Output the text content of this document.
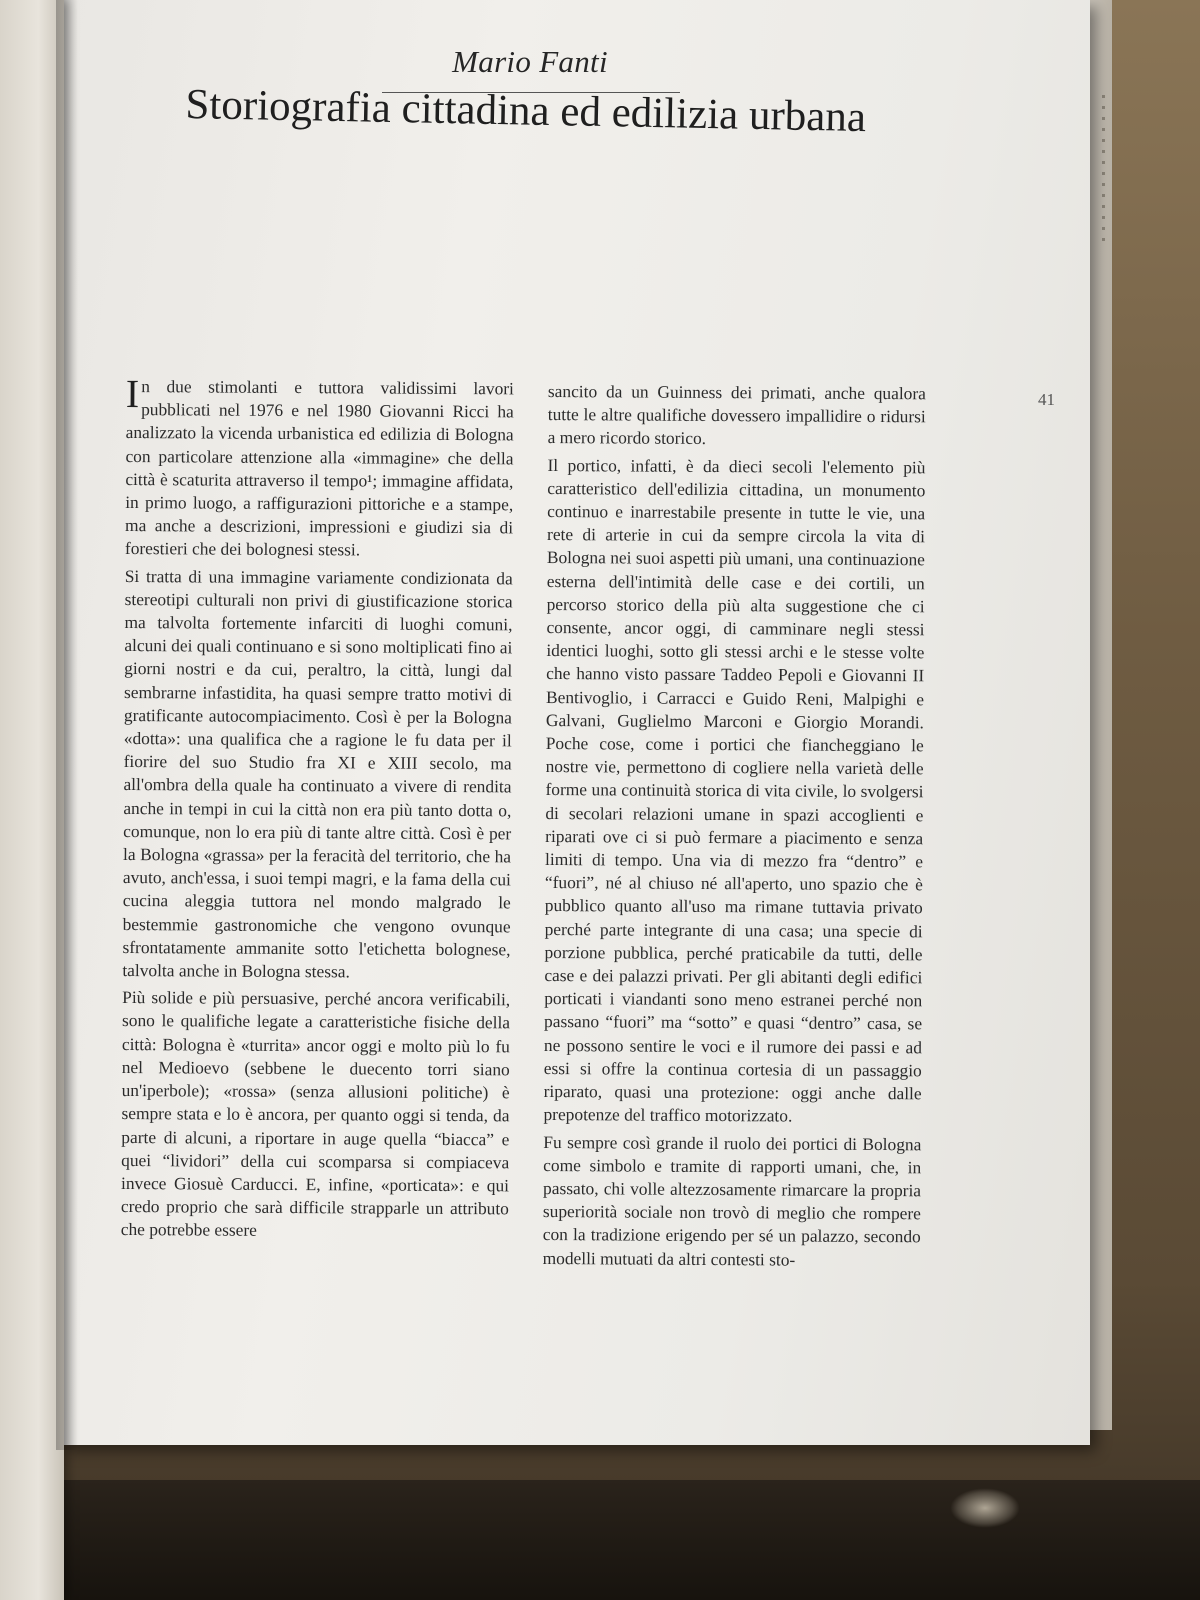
Mario Fanti
Storiografia cittadina ed edilizia urbana
41

In due stimolanti e tuttora validissimi lavori pubblicati nel 1976 e nel 1980 Giovanni Ricci ha analizzato la vicenda urbanistica ed edilizia di Bologna con particolare attenzione alla «immagine» che della città è scaturita attraverso il tempo¹; immagine affidata, in primo luogo, a raffigurazioni pittoriche e a stampe, ma anche a descrizioni, impressioni e giudizi sia di forestieri che dei bolognesi stessi.

Si tratta di una immagine variamente condizionata da stereotipi culturali non privi di giustificazione storica ma talvolta fortemente infarciti di luoghi comuni, alcuni dei quali continuano e si sono moltiplicati fino ai giorni nostri e da cui, peraltro, la città, lungi dal sembrarne infastidita, ha quasi sempre tratto motivi di gratificante autocompiacimento. Così è per la Bologna «dotta»: una qualifica che a ragione le fu data per il fiorire del suo Studio fra XI e XIII secolo, ma all'ombra della quale ha continuato a vivere di rendita anche in tempi in cui la città non era più tanto dotta o, comunque, non lo era più di tante altre città. Così è per la Bologna «grassa» per la feracità del territorio, che ha avuto, anch'essa, i suoi tempi magri, e la fama della cui cucina aleggia tuttora nel mondo malgrado le bestemmie gastronomiche che vengono ovunque sfrontatamente ammanite sotto l'etichetta bolognese, talvolta anche in Bologna stessa.

Più solide e più persuasive, perché ancora verificabili, sono le qualifiche legate a caratteristiche fisiche della città: Bologna è «turrita» ancor oggi e molto più lo fu nel Medioevo (sebbene le duecento torri siano un'iperbole); «rossa» (senza allusioni politiche) è sempre stata e lo è ancora, per quanto oggi si tenda, da parte di alcuni, a riportare in auge quella “biacca” e quei “lividori” della cui scomparsa si compiaceva invece Giosuè Carducci. E, infine, «porticata»: e qui credo proprio che sarà difficile strapparle un attributo che potrebbe essere

sancito da un Guinness dei primati, anche qualora tutte le altre qualifiche dovessero impallidire o ridursi a mero ricordo storico.

Il portico, infatti, è da dieci secoli l'elemento più caratteristico dell'edilizia cittadina, un monumento continuo e inarrestabile presente in tutte le vie, una rete di arterie in cui da sempre circola la vita di Bologna nei suoi aspetti più umani, una continuazione esterna dell'intimità delle case e dei cortili, un percorso storico della più alta suggestione che ci consente, ancor oggi, di camminare negli stessi identici luoghi, sotto gli stessi archi e le stesse volte che hanno visto passare Taddeo Pepoli e Giovanni II Bentivoglio, i Carracci e Guido Reni, Malpighi e Galvani, Guglielmo Marconi e Giorgio Morandi. Poche cose, come i portici che fiancheggiano le nostre vie, permettono di cogliere nella varietà delle forme una continuità storica di vita civile, lo svolgersi di secolari relazioni umane in spazi accoglienti e riparati ove ci si può fermare a piacimento e senza limiti di tempo. Una via di mezzo fra “dentro” e “fuori”, né al chiuso né all'aperto, uno spazio che è pubblico quanto all'uso ma rimane tuttavia privato perché parte integrante di una casa; una specie di porzione pubblica, perché praticabile da tutti, delle case e dei palazzi privati. Per gli abitanti degli edifici porticati i viandanti sono meno estranei perché non passano “fuori” ma “sotto” e quasi “dentro” casa, se ne possono sentire le voci e il rumore dei passi e ad essi si offre la continua cortesia di un passaggio riparato, quasi una protezione: oggi anche dalle prepotenze del traffico motorizzato.

Fu sempre così grande il ruolo dei portici di Bologna come simbolo e tramite di rapporti umani, che, in passato, chi volle altezzosamente rimarcare la propria superiorità sociale non trovò di meglio che rompere con la tradizione erigendo per sé un palazzo, secondo modelli mutuati da altri contesti sto-
